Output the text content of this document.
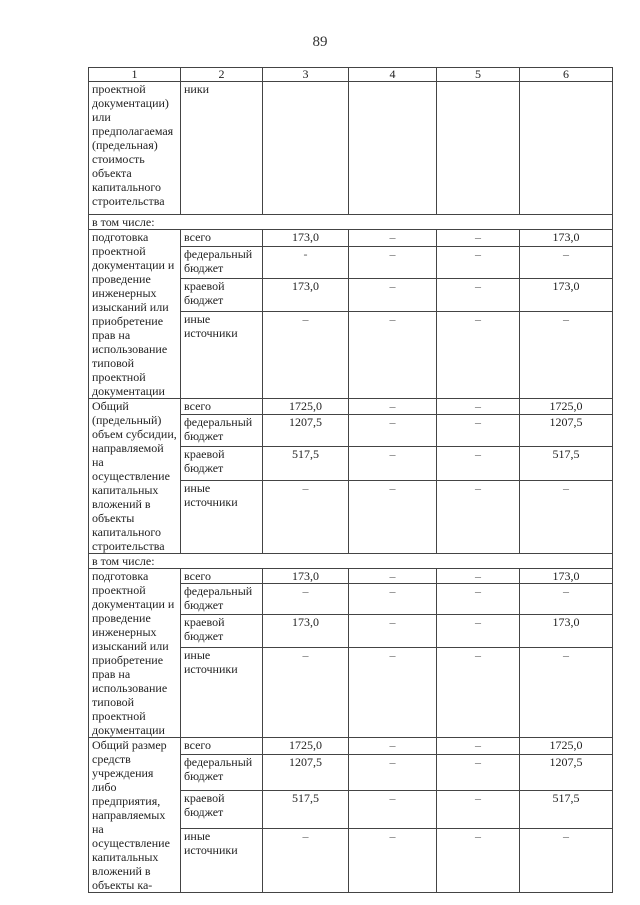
89
1	2	3	4	5	6
проектной документации) или предполагаемая (предельная) стоимость объекта капитального строительства	ники				
в том числе:					
подготовка проектной документации и проведение инженерных изысканий или приобретение прав на использование типовой проектной документации	всего	173,0	–	–	173,0
	федеральный бюджет	-	–	–	–
	краевой бюджет	173,0	–	–	173,0
	иные источники	–	–	–	–
Общий (предельный) объем субсидии, направляемой на осуществление капитальных вложений в объекты капитального строительства	всего	1725,0	–	–	1725,0
	федеральный бюджет	1207,5	–	–	1207,5
	краевой бюджет	517,5	–	–	517,5
	иные источники	–	–	–	–
в том числе:					
подготовка проектной документации и проведение инженерных изысканий или приобретение прав на использование типовой проектной документации	всего	173,0	–	–	173,0
	федеральный бюджет	–	–	–	–
	краевой бюджет	173,0	–	–	173,0
	иные источники	–	–	–	–
Общий размер средств учреждения либо предприятия, направляемых на осуществление капитальных вложений в объекты ка-	всего	1725,0	–	–	1725,0
	федеральный бюджет	1207,5	–	–	1207,5
	краевой бюджет	517,5	–	–	517,5
	иные источники	–	–	–	–
